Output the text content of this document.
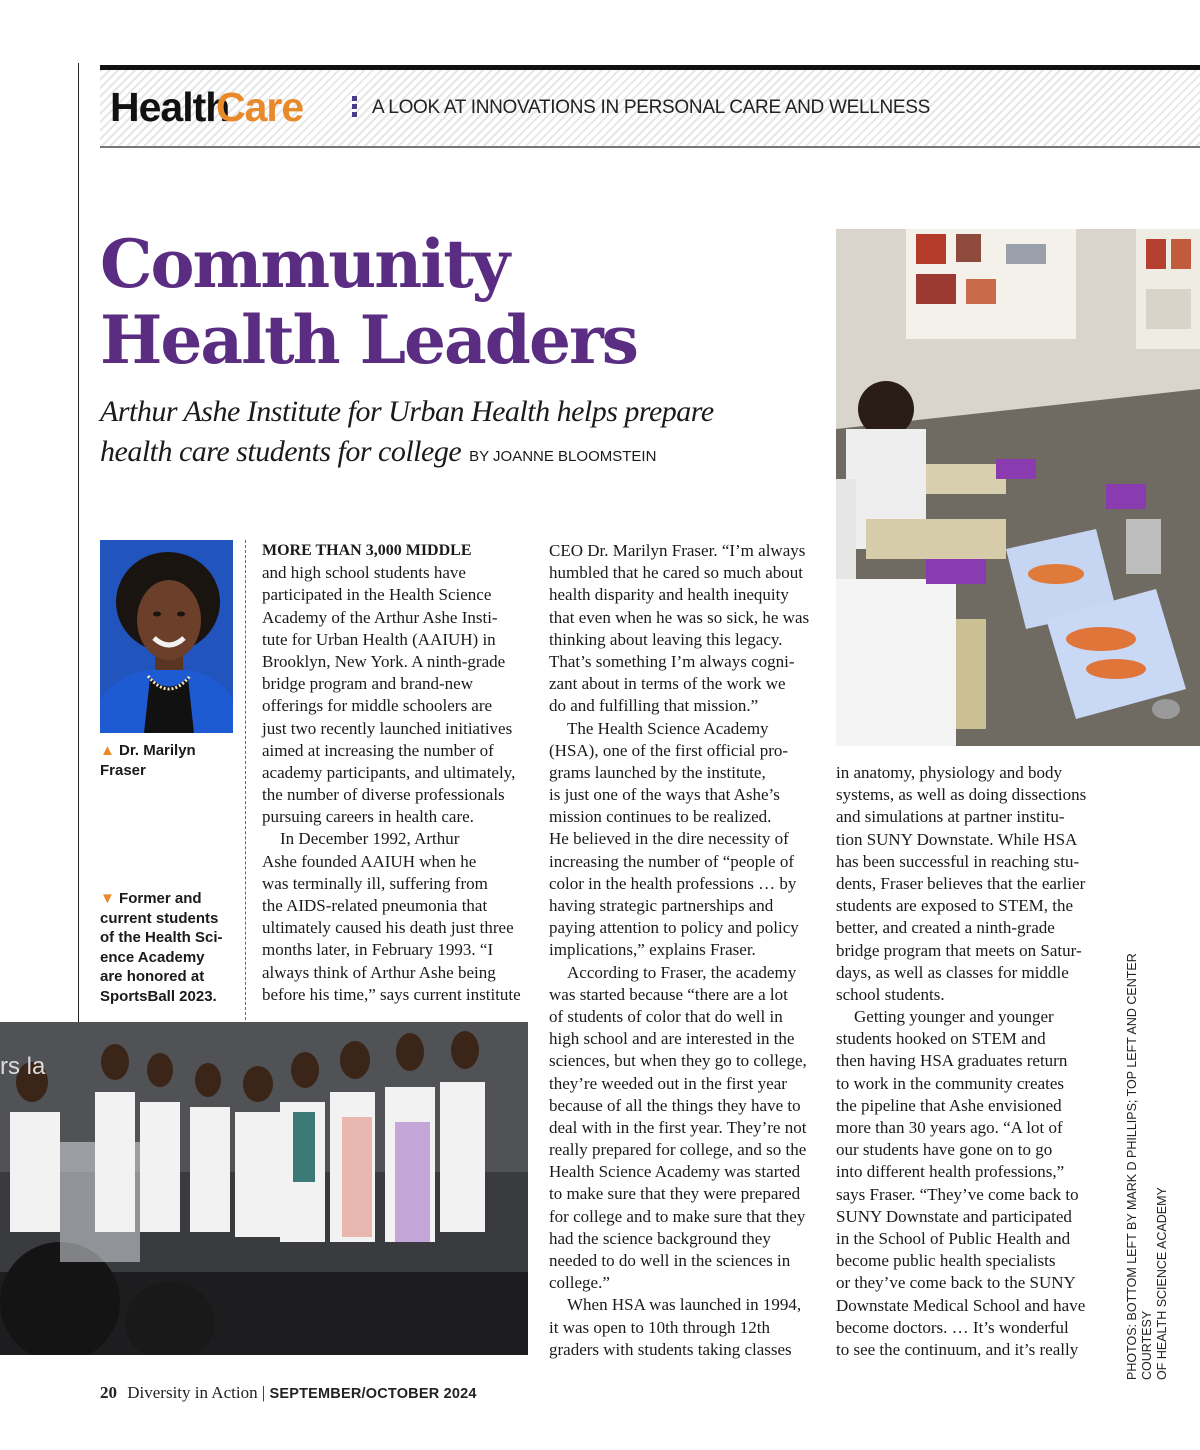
Health
Care	A LOOK AT INNOVATIONS IN PERSONAL CARE AND WELLNESS
Community
Health Leaders
Arthur Ashe Institute for Urban Health helps prepare
health care students for college BY JOANNE BLOOMSTEIN
▲ Dr. Marilyn Fraser
▼ Former and
current students
of the Health Sci-
ence Academy
are honored at
SportsBall 2023.
MORE THAN 3,000 MIDDLE
and high school students have
participated in the Health Science
Academy of the Arthur Ashe Insti-
tute for Urban Health (AAIUH) in
Brooklyn, New York. A ninth-grade
bridge program and brand-new
offerings for middle schoolers are
just two recently launched initiatives
aimed at increasing the number of
academy participants, and ultimately,
the number of diverse professionals
pursuing careers in health care.
In December 1992, Arthur
Ashe founded AAIUH when he
was terminally ill, suffering from
the AIDS-related pneumonia that
ultimately caused his death just three
months later, in February 1993. “I
always think of Arthur Ashe being
before his time,” says current institute
CEO Dr. Marilyn Fraser. “I’m always
humbled that he cared so much about
health disparity and health inequity
that even when he was so sick, he was
thinking about leaving this legacy.
That’s something I’m always cogni-
zant about in terms of the work we
do and fulfilling that mission.”
The Health Science Academy
(HSA), one of the first official pro-
grams launched by the institute,
is just one of the ways that Ashe’s
mission continues to be realized.
He believed in the dire necessity of
increasing the number of “people of
color in the health professions … by
having strategic partnerships and
paying attention to policy and policy
implications,” explains Fraser.
According to Fraser, the academy
was started because “there are a lot
of students of color that do well in
high school and are interested in the
sciences, but when they go to college,
they’re weeded out in the first year
because of all the things they have to
deal with in the first year. They’re not
really prepared for college, and so the
Health Science Academy was started
to make sure that they were prepared
for college and to make sure that they
had the science background they
needed to do well in the sciences in
college.”
When HSA was launched in 1994,
it was open to 10th through 12th
graders with students taking classes
in anatomy, physiology and body
systems, as well as doing dissections
and simulations at partner institu-
tion SUNY Downstate. While HSA
has been successful in reaching stu-
dents, Fraser believes that the earlier
students are exposed to STEM, the
better, and created a ninth-grade
bridge program that meets on Satur-
days, as well as classes for middle
school students.
Getting younger and younger
students hooked on STEM and
then having HSA graduates return
to work in the community creates
the pipeline that Ashe envisioned
more than 30 years ago. “A lot of
our students have gone on to go
into different health professions,”
says Fraser. “They’ve come back to
SUNY Downstate and participated
in the School of Public Health and
become public health specialists
or they’ve come back to the SUNY
Downstate Medical School and have
become doctors. … It’s wonderful
to see the continuum, and it’s really
rs la	PHOTOS: BOTTOM LEFT BY MARK D PHILLIPS; TOP LEFT AND CENTER COURTESY OF HEALTH SCIENCE ACADEMY
20 Diversity in Action | SEPTEMBER/OCTOBER 2024
